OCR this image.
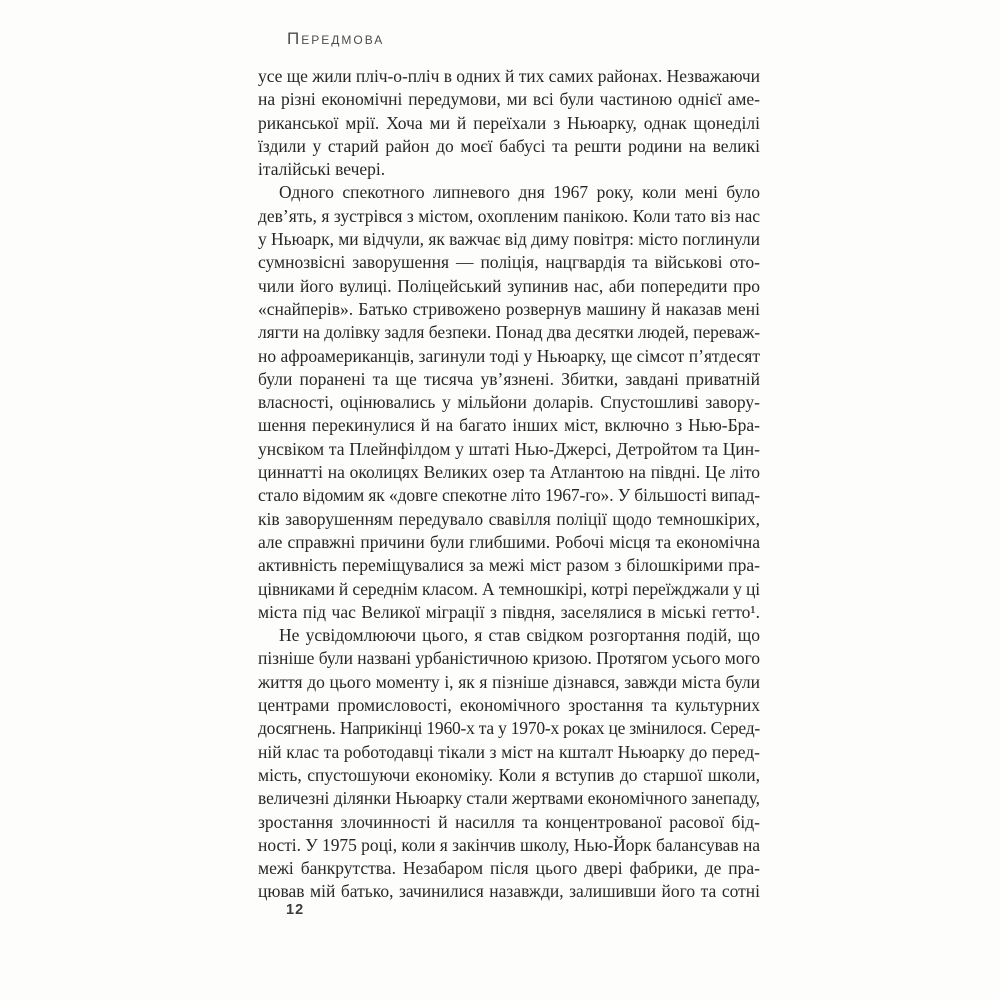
Передмова
усе ще жили пліч-о-пліч в одних й тих самих районах. Незважаючи
на різні економічні передумови, ми всі були частиною однієї аме-
риканської мрії. Хоча ми й переїхали з Ньюарку, однак щонеділі
їздили у старий район до моєї бабусі та решти родини на великі
італійські вечері.
Одного спекотного липневого дня 1967 року, коли мені було
дев’ять, я зустрівся з містом, охопленим панікою. Коли тато віз нас
у Ньюарк, ми відчули, як важчає від диму повітря: місто поглинули
сумнозвісні заворушення — поліція, нацгвардія та військові ото-
чили його вулиці. Поліцейський зупинив нас, аби попередити про
«снайперів». Батько стривожено розвернув машину й наказав мені
лягти на долівку задля безпеки. Понад два десятки людей, переваж-
но афроамериканців, загинули тоді у Ньюарку, ще сімсот п’ятдесят
були поранені та ще тисяча ув’язнені. Збитки, завдані приватній
власності, оцінювались у мільйони доларів. Спустошливі завору-
шення перекинулися й на багато інших міст, включно з Нью-Бра-
унсвіком та Плейнфілдом у штаті Нью-Джерсі, Детройтом та Цин-
циннатті на околицях Великих озер та Атлантою на півдні. Це літо
стало відомим як «довге спекотне літо 1967-го». У більшості випад-
ків заворушенням передувало свавілля поліції щодо темношкірих,
але справжні причини були глибшими. Робочі місця та економічна
активність переміщувалися за межі міст разом з білошкірими пра-
цівниками й середнім класом. А темношкірі, котрі переїжджали у ці
міста під час Великої міграції з півдня, заселялися в міські гетто¹.
Не усвідомлюючи цього, я став свідком розгортання подій, що
пізніше були названі урбаністичною кризою. Протягом усього мого
життя до цього моменту і, як я пізніше дізнався, завжди міста були
центрами промисловості, економічного зростання та культурних
досягнень. Наприкінці 1960-х та у 1970-х роках це змінилося. Серед-
ній клас та роботодавці тікали з міст на кшталт Ньюарку до перед-
мість, спустошуючи економіку. Коли я вступив до старшої школи,
величезні ділянки Ньюарку стали жертвами економічного занепаду,
зростання злочинності й насилля та концентрованої расової бід-
ності. У 1975 році, коли я закінчив школу, Нью-Йорк балансував на
межі банкрутства. Незабаром після цього двері фабрики, де пра-
цював мій батько, зачинилися назавжди, залишивши його та сотні
12
